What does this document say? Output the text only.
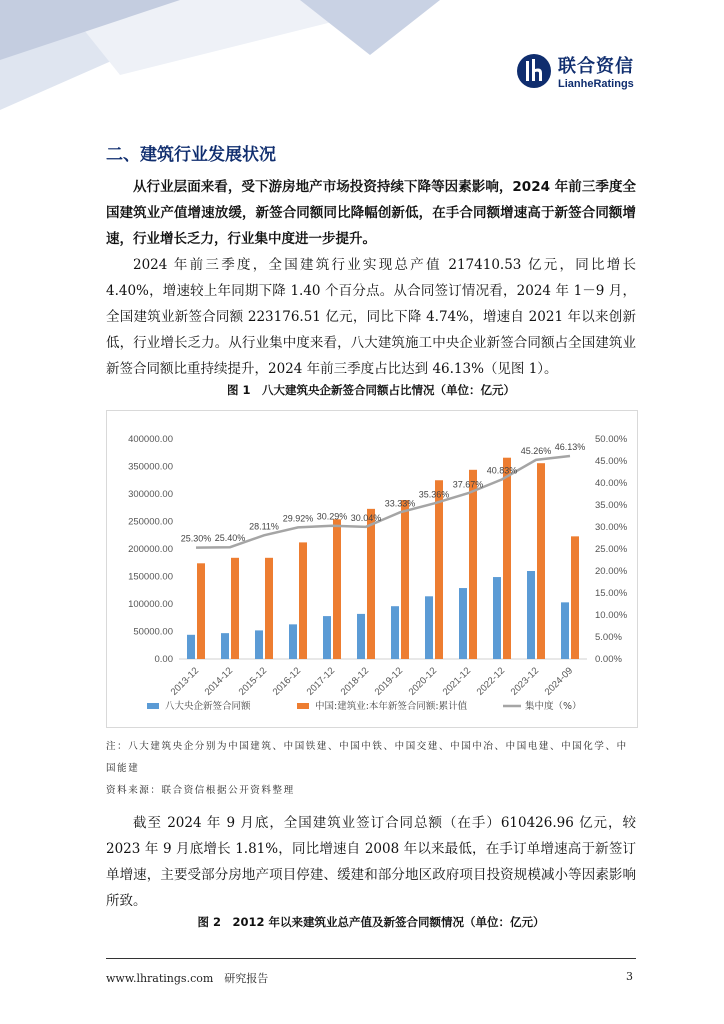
联合资信
LianheRatings
二、建筑行业发展状况
从行业层面来看，受下游房地产市场投资持续下降等因素影响，2024 年前三季度全国建筑业产值增速放缓，新签合同额同比降幅创新低，在手合同额增速高于新签合同额增速，行业增长乏力，行业集中度进一步提升。
2024 年前三季度，全国建筑行业实现总产值 217410.53 亿元，同比增长 4.40%，增速较上年同期下降 1.40 个百分点。从合同签订情况看，2024 年 1－9 月，全国建筑业新签合同额 223176.51 亿元，同比下降 4.74%，增速自 2021 年以来创新低，行业增长乏力。从行业集中度来看，八大建筑施工中央企业新签合同额占全国建筑业新签合同额比重持续提升，2024 年前三季度占比达到 46.13%（见图 1）。
图 1　八大建筑央企新签合同额占比情况（单位：亿元）
0.00
50000.00
100000.00
150000.00
200000.00
250000.00
300000.00
350000.00
400000.00
0.00%
5.00%
10.00%
15.00%
20.00%
25.00%
30.00%
35.00%
40.00%
45.00%
50.00%
2013-12 2014-12 2015-12 2016-12 2017-12 2018-12 2019-12 2020-12 2021-12 2022-12 2023-12 2024-09
25.30% 25.40%
28.11%
29.92% 30.29% 30.04%
33.33%
35.36%
37.67%
40.83%
45.26% 46.13%
八大央企新签合同额	中国:建筑业:本年新签合同额:累计值	集中度（%）
注：八大建筑央企分别为中国建筑、中国铁建、中国中铁、中国交建、中国中冶、中国电建、中国化学、中国能建
资料来源：联合资信根据公开资料整理
截至 2024 年 9 月底，全国建筑业签订合同总额（在手）610426.96 亿元，较 2023 年 9 月底增长 1.81%，同比增速自 2008 年以来最低，在手订单增速高于新签订单增速，主要受部分房地产项目停建、缓建和部分地区政府项目投资规模减小等因素影响所致。
图 2　2012 年以来建筑业总产值及新签合同额情况（单位：亿元）
www.lhratings.com　研究报告	3
